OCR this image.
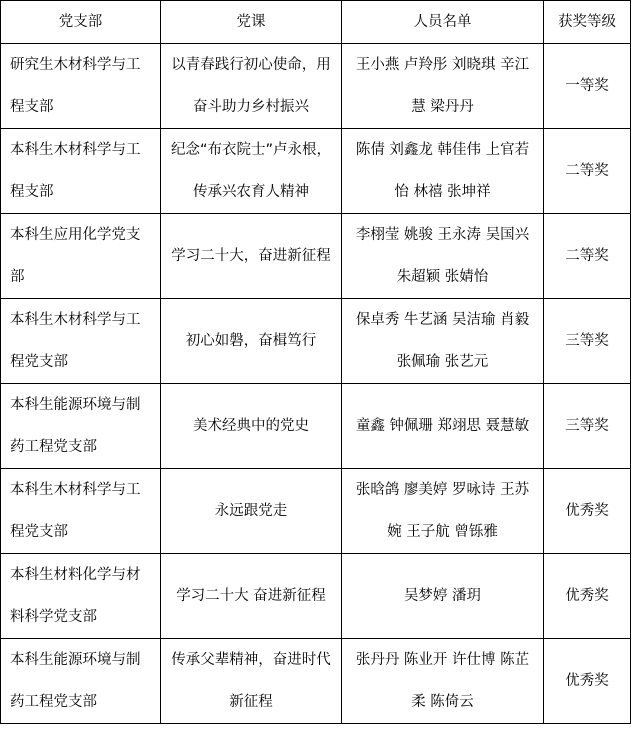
党支部	党课	人员名单	获奖等级

研究生木材科学与工程支部	以青春践行初心使命，用奋斗助力乡村振兴	王小燕 卢羚彤 刘晓琪 辛江慧 梁丹丹	一等奖

本科生木材科学与工程支部	纪念“布衣院士”卢永根，传承兴农育人精神	陈倩 刘鑫龙 韩佳伟 上官若怡 林禧 张坤祥	二等奖

本科生应用化学党支部	学习二十大，奋进新征程	李栩莹 姚骏 王永涛 吴国兴 朱超颖 张婧怡	二等奖

本科生木材科学与工程党支部	初心如磐，奋楫笃行	保卓秀 牛艺涵 吴洁瑜 肖毅 张佩瑜 张艺元	三等奖

本科生能源环境与制药工程党支部	美术经典中的党史	童鑫 钟佩珊 郑翊思 聂慧敏	三等奖

本科生木材科学与工程党支部	永远跟党走	张晗鸽 廖美婷 罗咏诗 王苏婉 王子航 曾铄雅	优秀奖

本科生材料化学与材料科学党支部	学习二十大 奋进新征程	吴梦婷 潘玥	优秀奖

本科生能源环境与制药工程党支部	传承父辈精神，奋进时代新征程	张丹丹 陈业开 许仕博 陈芷柔 陈倚云	优秀奖
